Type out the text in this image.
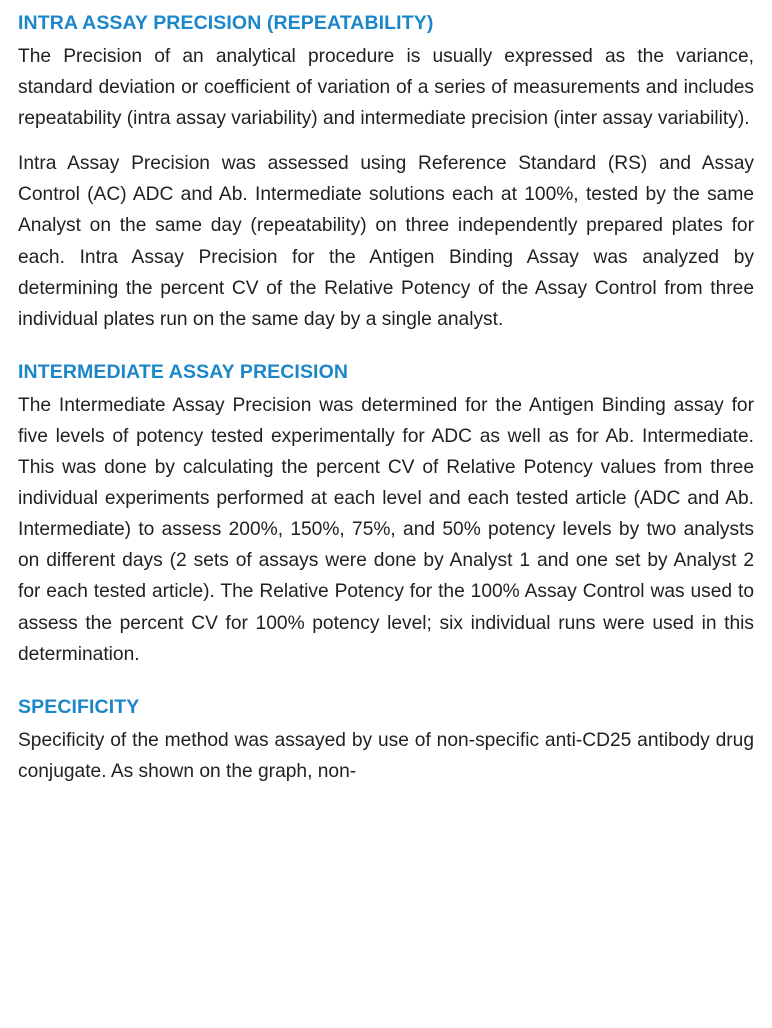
INTRA ASSAY PRECISION (REPEATABILITY)

The Precision of an analytical procedure is usually expressed as the variance, standard deviation or coefficient of variation of a series of measurements and includes repeatability (intra assay variability) and intermediate precision (inter assay variability).

Intra Assay Precision was assessed using Reference Standard (RS) and Assay Control (AC) ADC and Ab. Intermediate solutions each at 100%, tested by the same Analyst on the same day (repeatability) on three independently prepared plates for each. Intra Assay Precision for the Antigen Binding Assay was analyzed by determining the percent CV of the Relative Potency of the Assay Control from three individual plates run on the same day by a single analyst.

INTERMEDIATE ASSAY PRECISION

The Intermediate Assay Precision was determined for the Antigen Binding assay for five levels of potency tested experimentally for ADC as well as for Ab. Intermediate. This was done by calculating the percent CV of Relative Potency values from three individual experiments performed at each level and each tested article (ADC and Ab. Intermediate) to assess 200%, 150%, 75%, and 50% potency levels by two analysts on different days (2 sets of assays were done by Analyst 1 and one set by Analyst 2 for each tested article). The Relative Potency for the 100% Assay Control was used to assess the percent CV for 100% potency level; six individual runs were used in this determination.

SPECIFICITY

Specificity of the method was assayed by use of non-specific anti-CD25 antibody drug conjugate. As shown on the graph, non-
